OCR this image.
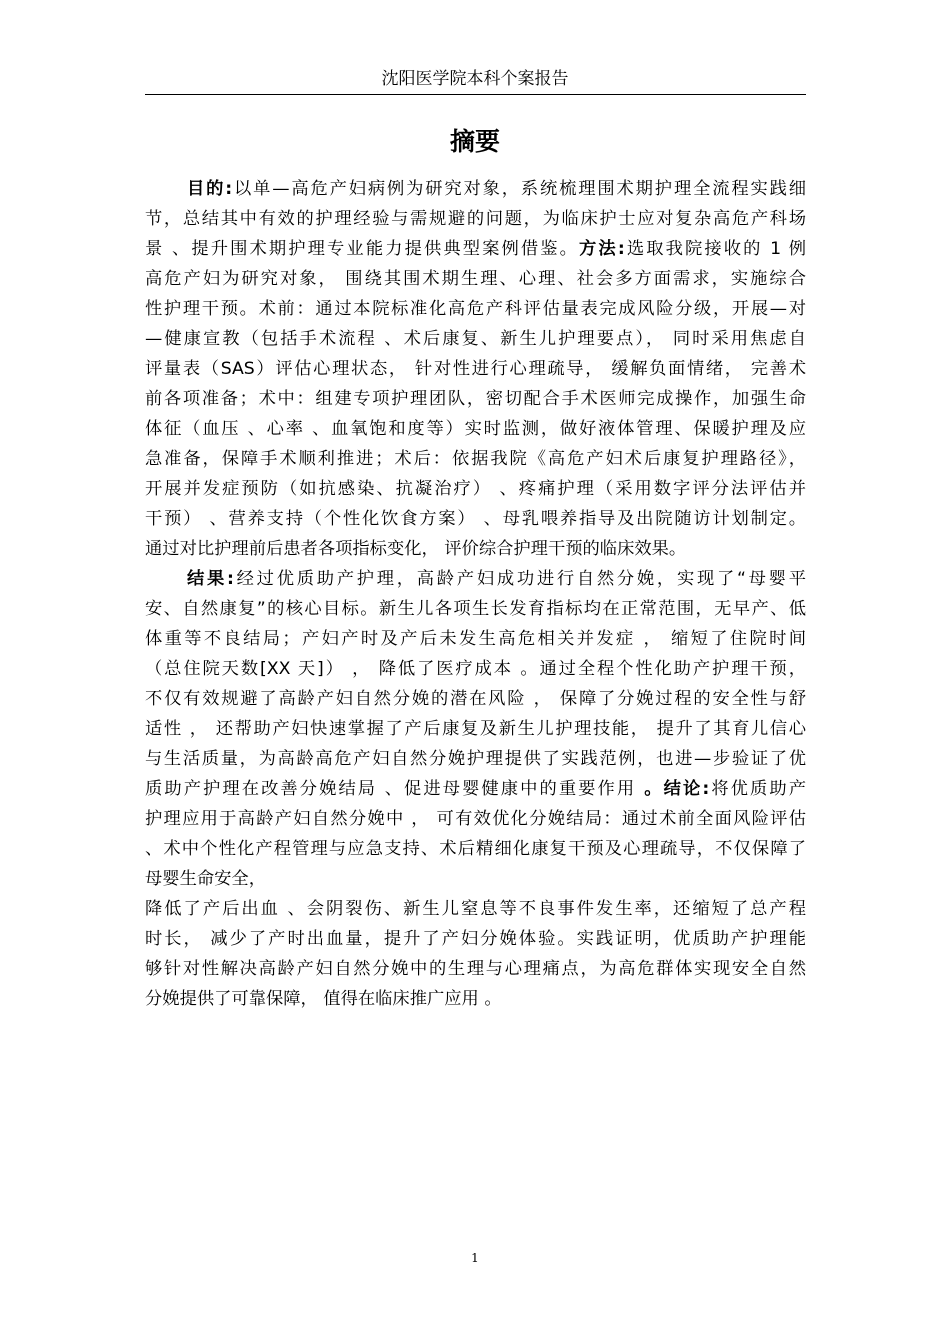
沈阳医学院本科个案报告
摘要
目的:以单—高危产妇病例为研究对象，系统梳理围术期护理全流程实践细
节，总结其中有效的护理经验与需规避的问题，为临床护士应对复杂高危产科场
景 、提升围术期护理专业能力提供典型案例借鉴。方法:选取我院接收的 1 例
高危产妇为研究对象， 围绕其围术期生理、心理、社会多方面需求，实施综合
性护理干预。术前：通过本院标准化高危产科评估量表完成风险分级，开展—对
—健康宣教（包括手术流程 、术后康复、新生儿护理要点）， 同时采用焦虑自
评量表（SAS）评估心理状态， 针对性进行心理疏导， 缓解负面情绪， 完善术
前各项准备；术中：组建专项护理团队，密切配合手术医师完成操作，加强生命
体征（血压 、心率 、血氧饱和度等）实时监测，做好液体管理、保暖护理及应
急准备，保障手术顺利推进；术后：依据我院《高危产妇术后康复护理路径》，
开展并发症预防（如抗感染、抗凝治疗） 、疼痛护理（采用数字评分法评估并
干预） 、营养支持（个性化饮食方案） 、母乳喂养指导及出院随访计划制定。
通过对比护理前后患者各项指标变化， 评价综合护理干预的临床效果。
结果:经过优质助产护理，高龄产妇成功进行自然分娩，实现了“母婴平
安、自然康复”的核心目标。新生儿各项生长发育指标均在正常范围，无早产、低
体重等不良结局；产妇产时及产后未发生高危相关并发症 ， 缩短了住院时间
（总住院天数[XX 天]） ， 降低了医疗成本 。通过全程个性化助产护理干预，
不仅有效规避了高龄产妇自然分娩的潜在风险 ， 保障了分娩过程的安全性与舒
适性 ， 还帮助产妇快速掌握了产后康复及新生儿护理技能， 提升了其育儿信心
与生活质量，为高龄高危产妇自然分娩护理提供了实践范例，也进—步验证了优
质助产护理在改善分娩结局 、促进母婴健康中的重要作用 。结论:将优质助产
护理应用于高龄产妇自然分娩中 ， 可有效优化分娩结局：通过术前全面风险评估
、术中个性化产程管理与应急支持、术后精细化康复干预及心理疏导，不仅保障了
母婴生命安全，
降低了产后出血 、会阴裂伤、新生儿窒息等不良事件发生率，还缩短了总产程
时长， 减少了产时出血量，提升了产妇分娩体验。实践证明，优质助产护理能
够针对性解决高龄产妇自然分娩中的生理与心理痛点，为高危群体实现安全自然
分娩提供了可靠保障， 值得在临床推广应用 。
1
